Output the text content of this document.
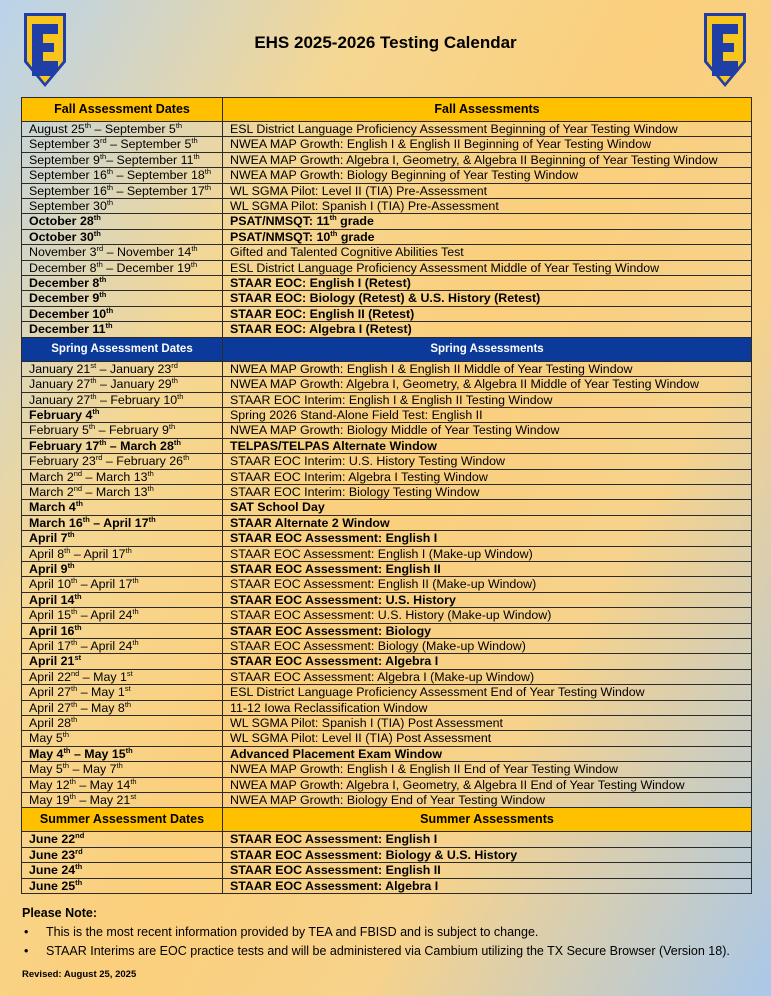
EHS 2025-2026 Testing Calendar
Fall Assessment Dates	Fall Assessments
August 25th – September 5th	ESL District Language Proficiency Assessment Beginning of Year Testing Window
September 3rd – September 5th	NWEA MAP Growth: English I & English II Beginning of Year Testing Window
September 9th– September 11th	NWEA MAP Growth: Algebra I, Geometry, & Algebra II Beginning of Year Testing Window
September 16th – September 18th	NWEA MAP Growth: Biology Beginning of Year Testing Window
September 16th – September 17th	WL SGMA Pilot: Level II (TIA) Pre-Assessment
September 30th	WL SGMA Pilot: Spanish I (TIA) Pre-Assessment
October 28th	PSAT/NMSQT: 11th grade
October 30th	PSAT/NMSQT: 10th grade
November 3rd – November 14th	Gifted and Talented Cognitive Abilities Test
December 8th – December 19th	ESL District Language Proficiency Assessment Middle of Year Testing Window
December 8th	STAAR EOC: English I (Retest)
December 9th	STAAR EOC: Biology (Retest) & U.S. History (Retest)
December 10th	STAAR EOC: English II (Retest)
December 11th	STAAR EOC: Algebra I (Retest)
Spring Assessment Dates	Spring Assessments
January 21st – January 23rd	NWEA MAP Growth: English I & English II Middle of Year Testing Window
January 27th – January 29th	NWEA MAP Growth: Algebra I, Geometry, & Algebra II Middle of Year Testing Window
January 27th – February 10th	STAAR EOC Interim: English I & English II Testing Window
February 4th	Spring 2026 Stand-Alone Field Test: English II
February 5th – February 9th	NWEA MAP Growth: Biology Middle of Year Testing Window
February 17th – March 28th	TELPAS/TELPAS Alternate Window
February 23rd – February 26th	STAAR EOC Interim: U.S. History Testing Window
March 2nd – March 13th	STAAR EOC Interim: Algebra I Testing Window
March 2nd – March 13th	STAAR EOC Interim: Biology Testing Window
March 4th	SAT School Day
March 16th – April 17th	STAAR Alternate 2 Window
April 7th	STAAR EOC Assessment: English I
April 8th – April 17th	STAAR EOC Assessment: English I (Make-up Window)
April 9th	STAAR EOC Assessment: English II
April 10th – April 17th	STAAR EOC Assessment: English II (Make-up Window)
April 14th	STAAR EOC Assessment: U.S. History
April 15th – April 24th	STAAR EOC Assessment: U.S. History (Make-up Window)
April 16th	STAAR EOC Assessment: Biology
April 17th – April 24th	STAAR EOC Assessment: Biology (Make-up Window)
April 21st	STAAR EOC Assessment: Algebra I
April 22nd – May 1st	STAAR EOC Assessment: Algebra I (Make-up Window)
April 27th – May 1st	ESL District Language Proficiency Assessment End of Year Testing Window
April 27th – May 8th	11-12 Iowa Reclassification Window
April 28th	WL SGMA Pilot: Spanish I (TIA) Post Assessment
May 5th	WL SGMA Pilot: Level II (TIA) Post Assessment
May 4th – May 15th	Advanced Placement Exam Window
May 5th – May 7th	NWEA MAP Growth: English I & English II End of Year Testing Window
May 12th – May 14th	NWEA MAP Growth: Algebra I, Geometry, & Algebra II End of Year Testing Window
May 19th – May 21st	NWEA MAP Growth: Biology End of Year Testing Window
Summer Assessment Dates	Summer Assessments
June 22nd	STAAR EOC Assessment: English I
June 23rd	STAAR EOC Assessment: Biology & U.S. History
June 24th	STAAR EOC Assessment: English II
June 25th	STAAR EOC Assessment: Algebra I
Please Note:
• This is the most recent information provided by TEA and FBISD and is subject to change.
• STAAR Interims are EOC practice tests and will be administered via Cambium utilizing the TX Secure Browser (Version 18).
Revised: August 25, 2025
